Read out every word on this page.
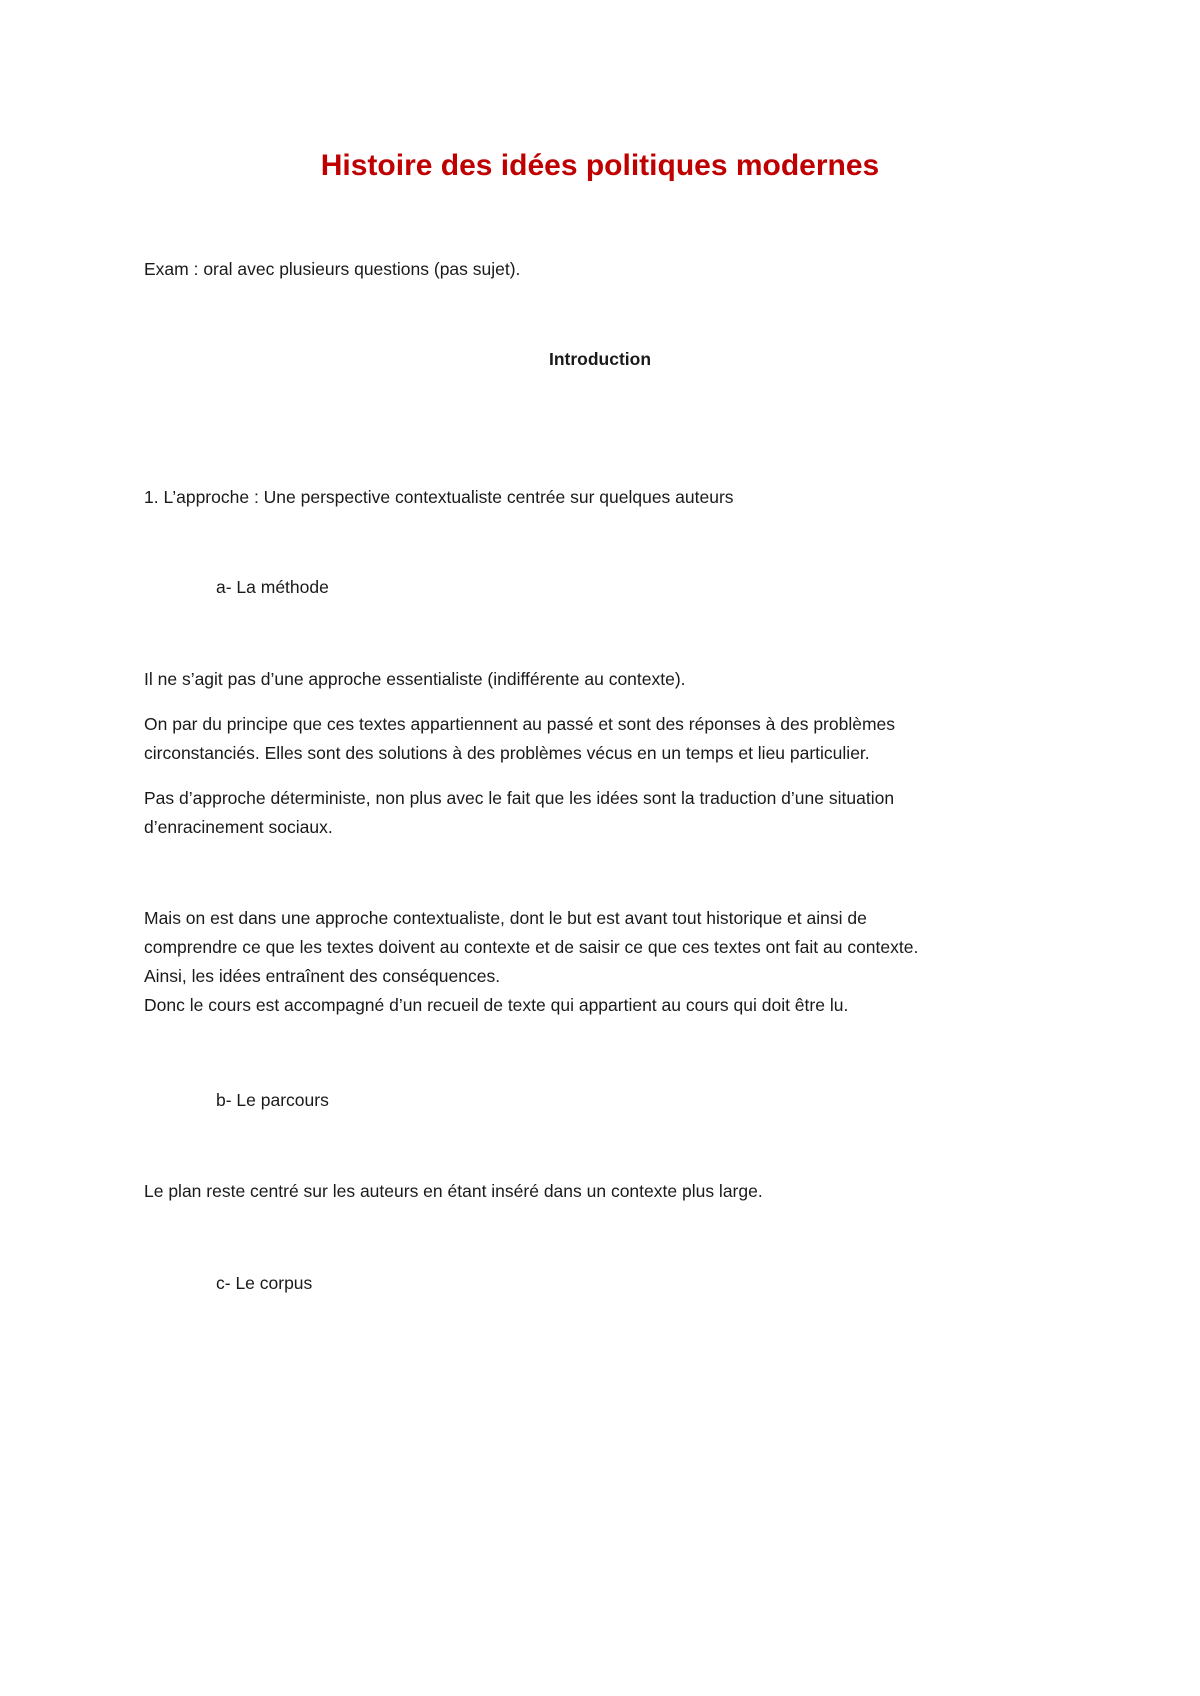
Histoire des idées politiques modernes

Exam : oral avec plusieurs questions (pas sujet).

Introduction

1. L’approche : Une perspective contextualiste centrée sur quelques auteurs

a- La méthode

Il ne s’agit pas d’une approche essentialiste (indifférente au contexte).

On par du principe que ces textes appartiennent au passé et sont des réponses à des problèmes

circonstanciés. Elles sont des solutions à des problèmes vécus en un temps et lieu particulier.

Pas d’approche déterministe, non plus avec le fait que les idées sont la traduction d’une situation

d’enracinement sociaux.

Mais on est dans une approche contextualiste, dont le but est avant tout historique et ainsi de

comprendre ce que les textes doivent au contexte et de saisir ce que ces textes ont fait au contexte.

Ainsi, les idées entraînent des conséquences.

Donc le cours est accompagné d’un recueil de texte qui appartient au cours qui doit être lu.

b- Le parcours

Le plan reste centré sur les auteurs en étant inséré dans un contexte plus large.

c- Le corpus
